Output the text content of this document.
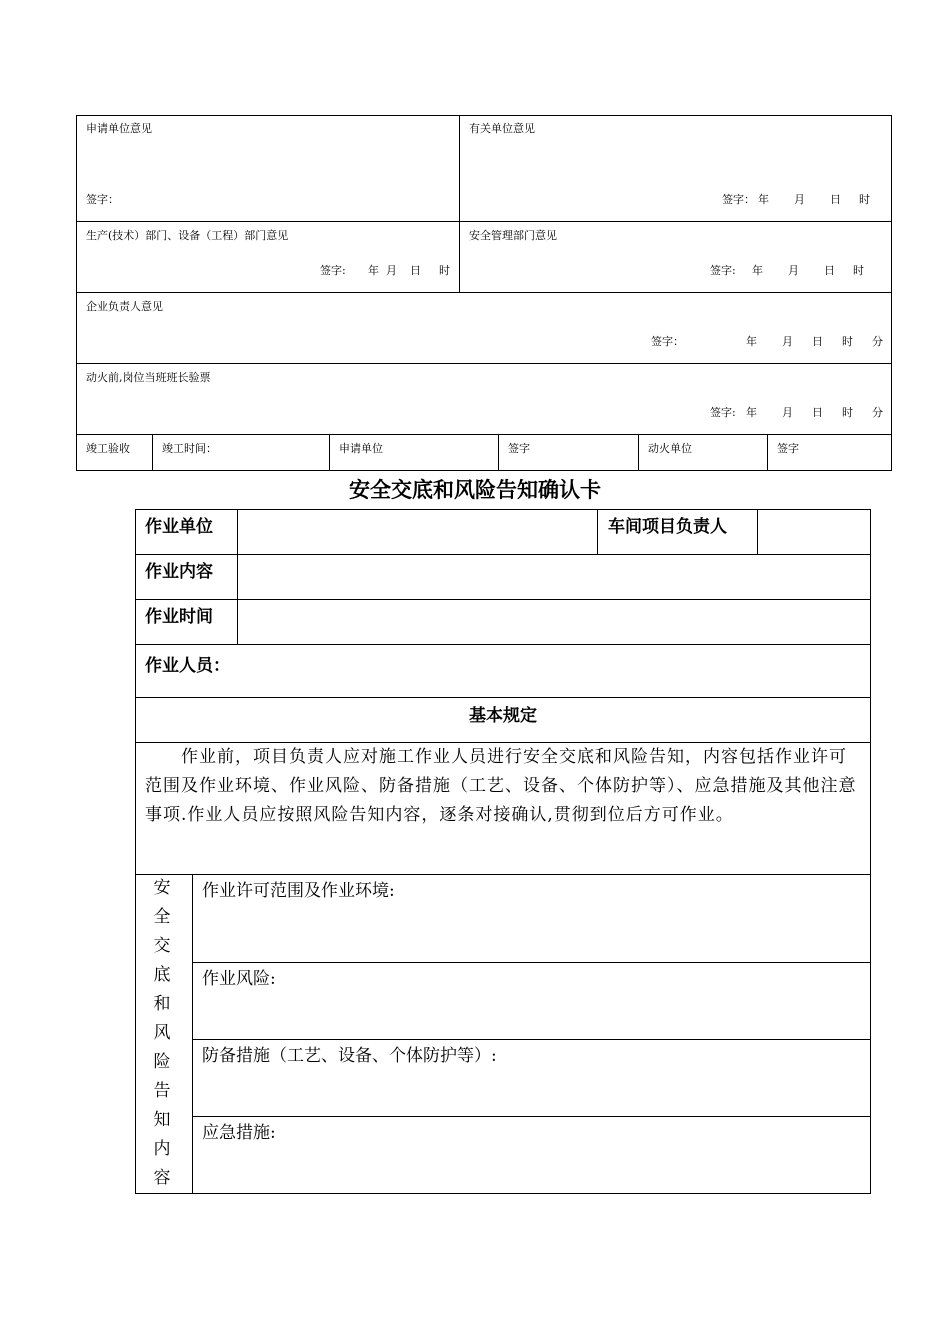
申请单位意见
签字：
有关单位意见
签字： 年 月 日 时
生产(技术）部门、设备（工程）部门意见
签字: 年 月 日 时
安全管理部门意见
签字: 年 月 日 时
企业负责人意见
签字：	年 月 日 时 分
动火前,岗位当班班长验票
签字: 年 月 日 时 分
竣工验收	竣工时间：	申请单位	签字	动火单位	签字
安全交底和风险告知确认卡
作业单位	车间项目负责人
作业内容
作业时间
作业人员：
基本规定
作业前，项目负责人应对施工作业人员进行安全交底和风险告知，内容包括作业许可范围及作业环境、作业风险、防备措施（工艺、设备、个体防护等）、应急措施及其他注意事项.作业人员应按照风险告知内容，逐条对接确认,贯彻到位后方可作业。
安全交底和风险告知内容
作业许可范围及作业环境:
作业风险:
防备措施（工艺、设备、个体防护等）:
应急措施:
